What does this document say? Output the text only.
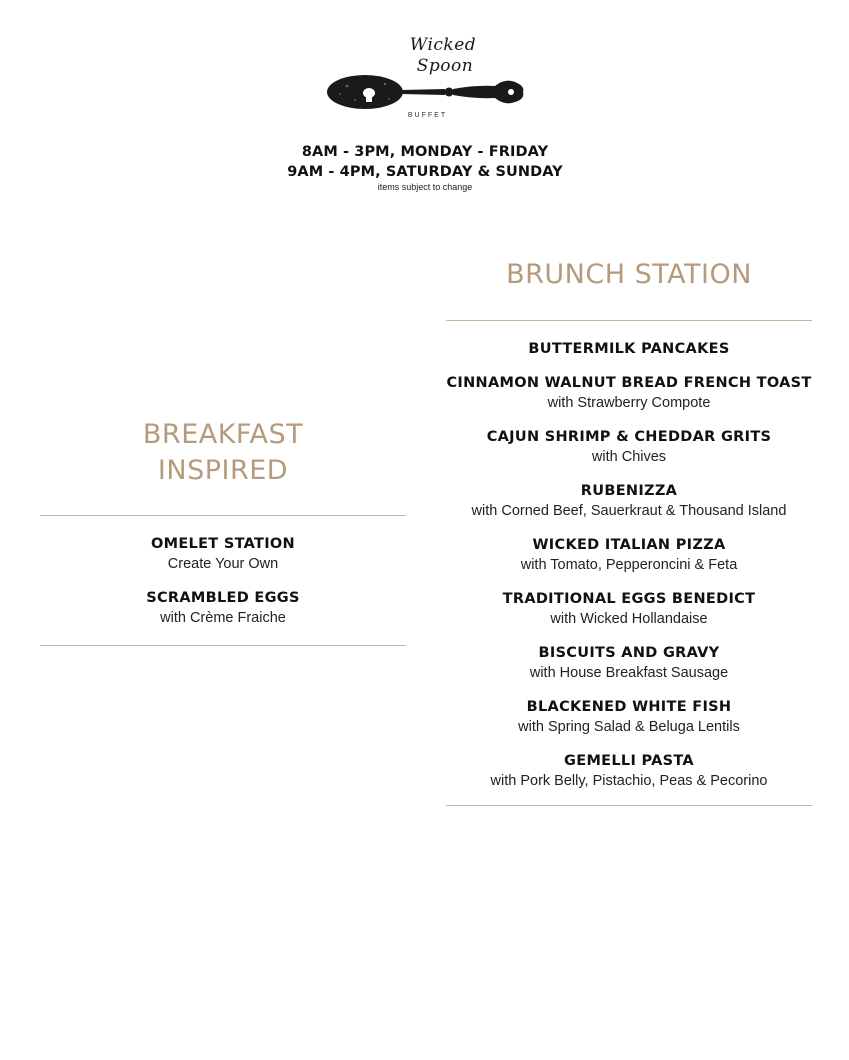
Wicked
Spoon
BUFFET
8AM - 3PM, MONDAY - FRIDAY
9AM - 4PM, SATURDAY & SUNDAY
items subject to change
BREAKFAST
INSPIRED
OMELET STATION
Create Your Own
SCRAMBLED EGGS
with Crème Fraiche
BRUNCH STATION
BUTTERMILK PANCAKES
CINNAMON WALNUT BREAD FRENCH TOAST
with Strawberry Compote
CAJUN SHRIMP & CHEDDAR GRITS
with Chives
RUBENIZZA
with Corned Beef, Sauerkraut & Thousand Island
WICKED ITALIAN PIZZA
with Tomato, Pepperoncini & Feta
TRADITIONAL EGGS BENEDICT
with Wicked Hollandaise
BISCUITS AND GRAVY
with House Breakfast Sausage
BLACKENED WHITE FISH
with Spring Salad & Beluga Lentils
GEMELLI PASTA
with Pork Belly, Pistachio, Peas & Pecorino
